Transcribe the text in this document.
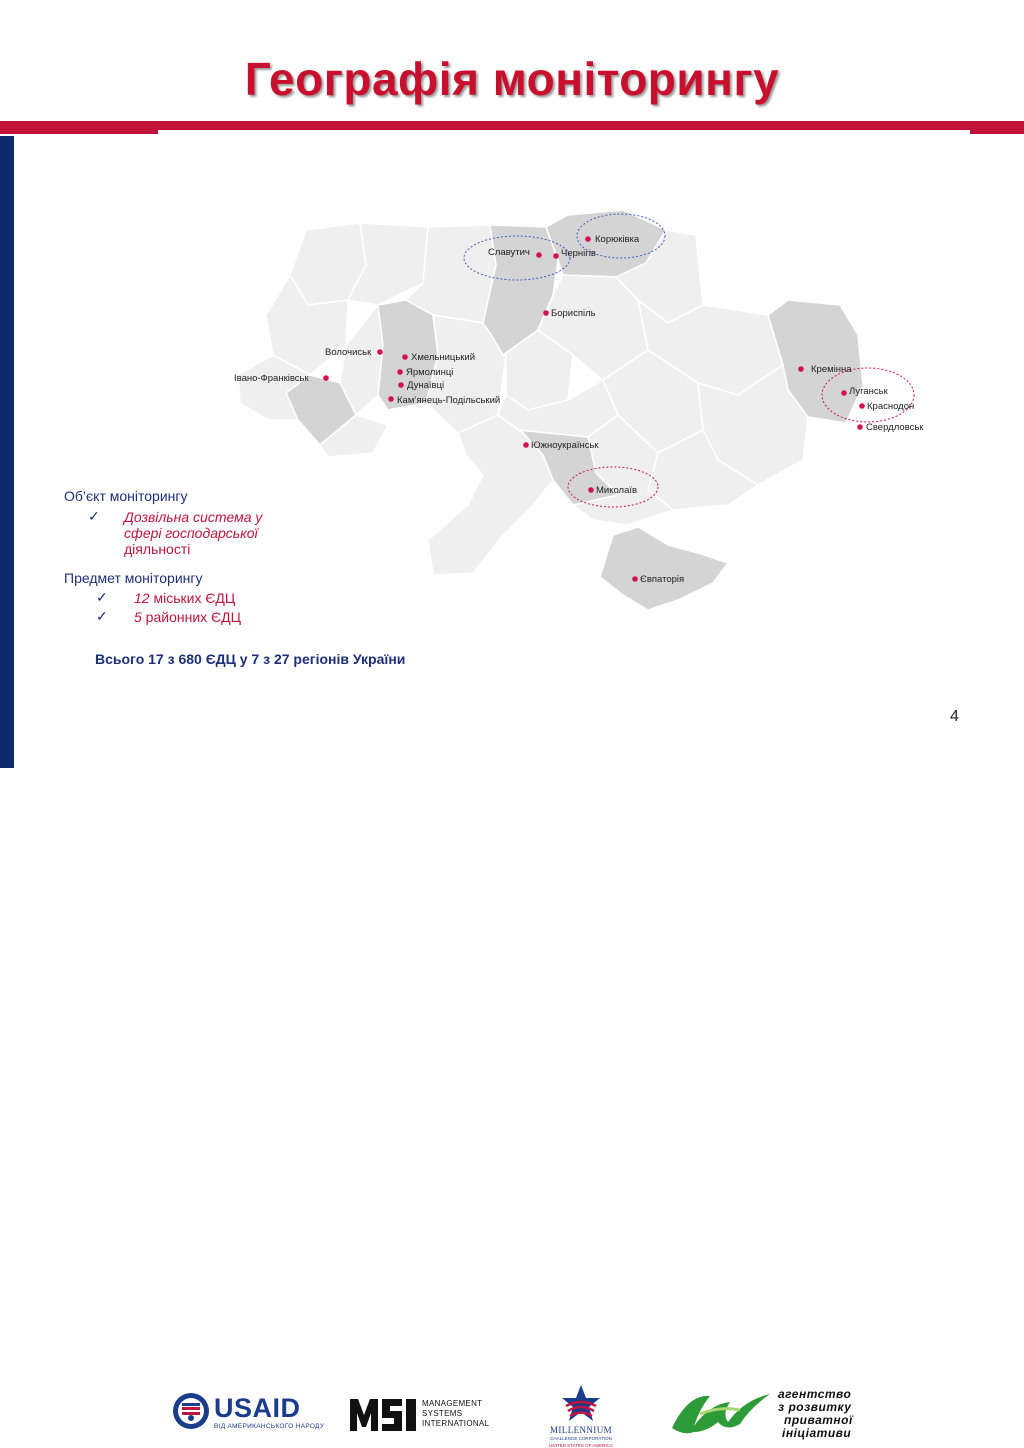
Географія моніторингу
Славутич	Чернігів
Корюківка
Бориспіль
Волочиськ	Хмельницький
Ярмолинці
Дунаївці
Кам’янець-Подільський
Івано-Франківськ
Кремінна
Луганськ
Краснодон
Свердловськ
Южноукраїнськ
Миколаїв
Євпаторія
Об’єкт моніторингу
✓ Дозвільна система у
сфері господарської
діяльності
Предмет моніторингу
✓ 12 міських ЄДЦ
✓ 5 районних ЄДЦ
Всього 17 з 680 ЄДЦ у 7 з 27 регіонів України
4
USAID
ВІД АМЕРИКАНСЬКОГО НАРОДУ
MANAGEMENT
SYSTEMS
INTERNATIONAL
MILLENNIUM
CHALLENGE CORPORATION
UNITED STATES OF AMERICA
агентство
з розвитку
приватної
ініціативи
